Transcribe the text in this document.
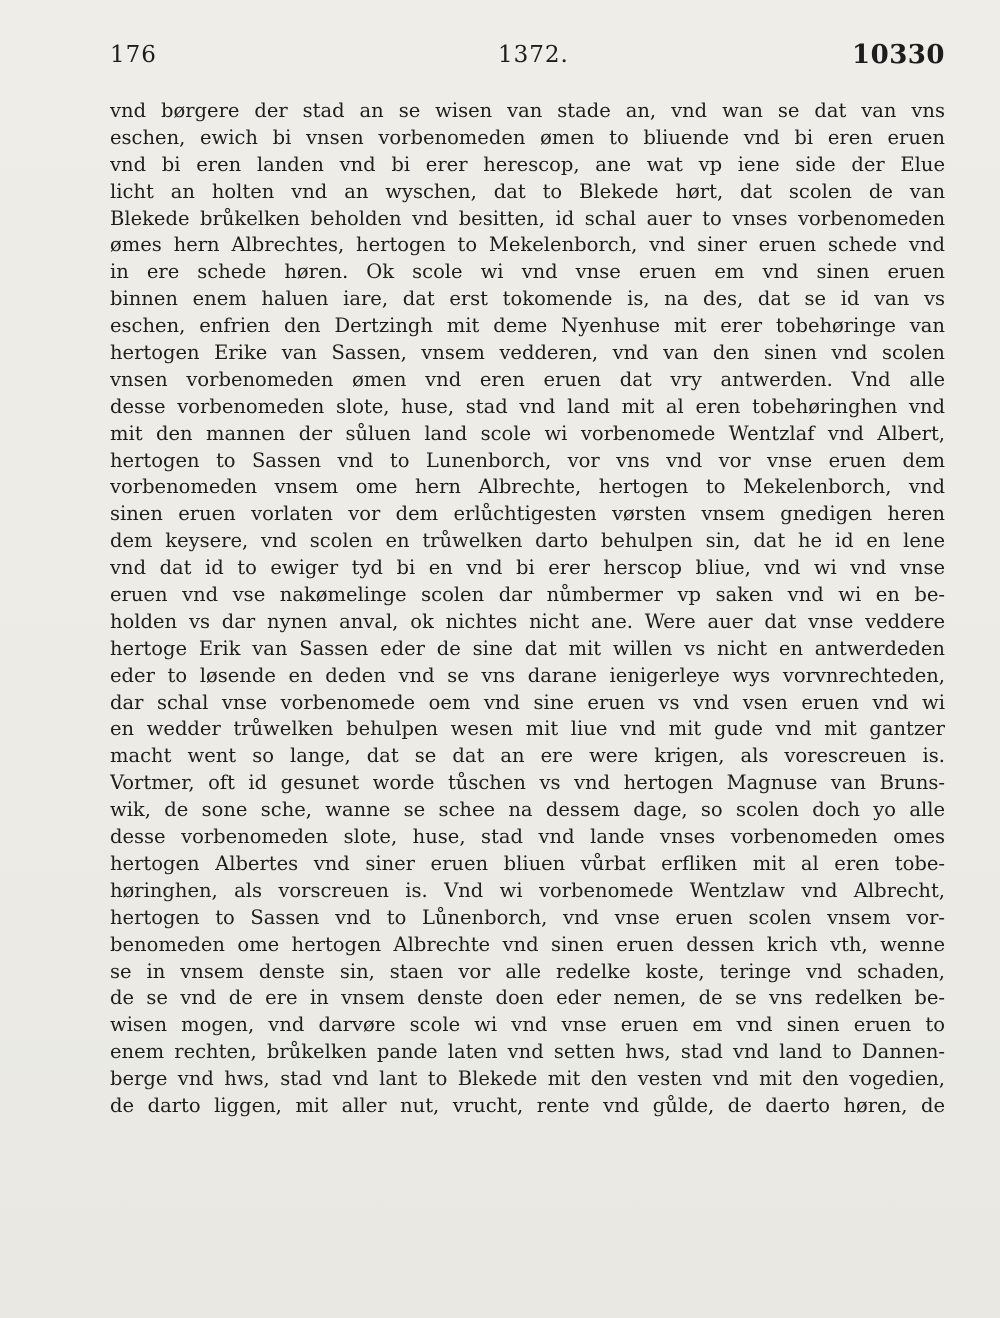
176	1372.	10330
vnd børgere der stad an se wisen van stade an, vnd wan se dat van vns
eschen, ewich bi vnsen vorbenomeden ømen to bliuende vnd bi eren eruen
vnd bi eren landen vnd bi erer herescop, ane wat vp iene side der Elue
licht an holten vnd an wyschen, dat to Blekede hørt, dat scolen de van
Blekede brůkelken beholden vnd besitten, id schal auer to vnses vorbenomeden
ømes hern Albrechtes, hertogen to Mekelenborch, vnd siner eruen schede vnd
in ere schede høren. Ok scole wi vnd vnse eruen em vnd sinen eruen
binnen enem haluen iare, dat erst tokomende is, na des, dat se id van vs
eschen, enfrien den Dertzingh mit deme Nyenhuse mit erer tobehøringe van
hertogen Erike van Sassen, vnsem vedderen, vnd van den sinen vnd scolen
vnsen vorbenomeden ømen vnd eren eruen dat vry antwerden. Vnd alle
desse vorbenomeden slote, huse, stad vnd land mit al eren tobehøringhen vnd
mit den mannen der sůluen land scole wi vorbenomede Wentzlaf vnd Albert,
hertogen to Sassen vnd to Lunenborch, vor vns vnd vor vnse eruen dem
vorbenomeden vnsem ome hern Albrechte, hertogen to Mekelenborch, vnd
sinen eruen vorlaten vor dem erlůchtigesten vørsten vnsem gnedigen heren
dem keysere, vnd scolen en trůwelken darto behulpen sin, dat he id en lene
vnd dat id to ewiger tyd bi en vnd bi erer herscop bliue, vnd wi vnd vnse
eruen vnd vse nakømelinge scolen dar nůmbermer vp saken vnd wi en be-
holden vs dar nynen anval, ok nichtes nicht ane. Were auer dat vnse veddere
hertoge Erik van Sassen eder de sine dat mit willen vs nicht en antwerdeden
eder to løsende en deden vnd se vns darane ienigerleye wys vorvnrechteden,
dar schal vnse vorbenomede oem vnd sine eruen vs vnd vsen eruen vnd wi
en wedder trůwelken behulpen wesen mit liue vnd mit gude vnd mit gantzer
macht went so lange, dat se dat an ere were krigen, als vorescreuen is.
Vortmer, oft id gesunet worde tůschen vs vnd hertogen Magnuse van Bruns-
wik, de sone sche, wanne se schee na dessem dage, so scolen doch yo alle
desse vorbenomeden slote, huse, stad vnd lande vnses vorbenomeden omes
hertogen Albertes vnd siner eruen bliuen vůrbat erfliken mit al eren tobe-
høringhen, als vorscreuen is. Vnd wi vorbenomede Wentzlaw vnd Albrecht,
hertogen to Sassen vnd to Lůnenborch, vnd vnse eruen scolen vnsem vor-
benomeden ome hertogen Albrechte vnd sinen eruen dessen krich vth, wenne
se in vnsem denste sin, staen vor alle redelke koste, teringe vnd schaden,
de se vnd de ere in vnsem denste doen eder nemen, de se vns redelken be-
wisen mogen, vnd darvøre scole wi vnd vnse eruen em vnd sinen eruen to
enem rechten, brůkelken pande laten vnd setten hws, stad vnd land to Dannen-
berge vnd hws, stad vnd lant to Blekede mit den vesten vnd mit den vogedien,
de darto liggen, mit aller nut, vrucht, rente vnd gůlde, de daerto høren, de
